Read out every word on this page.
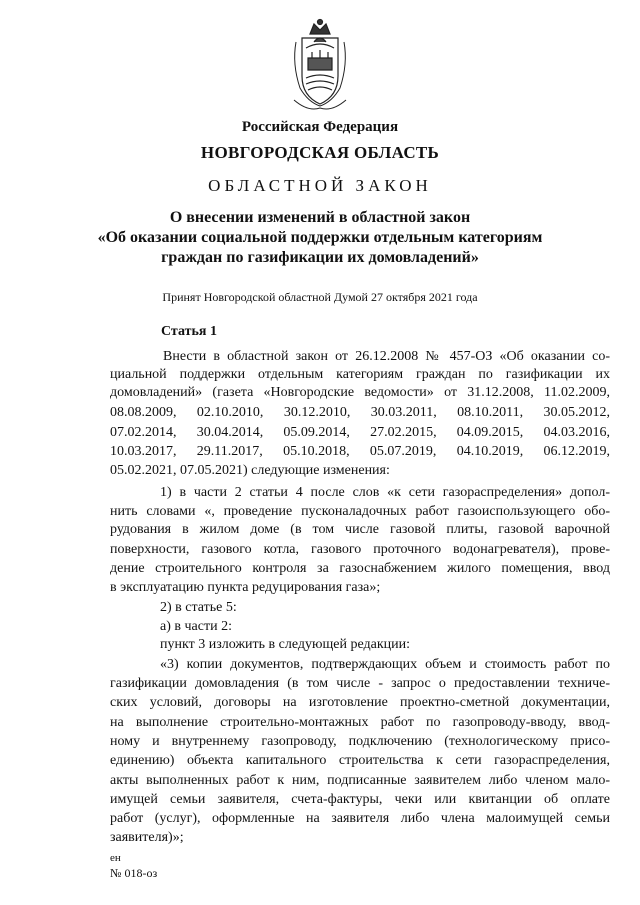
Российская Федерация
НОВГОРОДСКАЯ ОБЛАСТЬ
ОБЛАСТНОЙ ЗАКОН
О внесении изменений в областной закон
«Об оказании социальной поддержки отдельным категориям
граждан по газификации их домовладений»
Принят Новгородской областной Думой 27 октября 2021 года
Статья 1
Внести в областной закон от 26.12.2008 № 457-ОЗ «Об оказании со-
циальной поддержки отдельным категориям граждан по газификации их
домовладений» (газета «Новгородские ведомости» от 31.12.2008, 11.02.2009,
08.08.2009, 02.10.2010, 30.12.2010, 30.03.2011, 08.10.2011, 30.05.2012,
07.02.2014, 30.04.2014, 05.09.2014, 27.02.2015, 04.09.2015, 04.03.2016,
10.03.2017, 29.11.2017, 05.10.2018, 05.07.2019, 04.10.2019, 06.12.2019,
05.02.2021, 07.05.2021) следующие изменения:
1) в части 2 статьи 4 после слов «к сети газораспределения» допол-
нить словами «, проведение пусконаладочных работ газоиспользующего обо-
рудования в жилом доме (в том числе газовой плиты, газовой варочной
поверхности, газового котла, газового проточного водонагревателя), прове-
дение строительного контроля за газоснабжением жилого помещения, ввод
в эксплуатацию пункта редуцирования газа»;
2) в статье 5:
а) в части 2:
пункт 3 изложить в следующей редакции:
«3) копии документов, подтверждающих объем и стоимость работ по
газификации домовладения (в том числе - запрос о предоставлении техниче-
ских условий, договоры на изготовление проектно-сметной документации,
на выполнение строительно-монтажных работ по газопроводу-вводу, ввод-
ному и внутреннему газопроводу, подключению (технологическому присо-
единению) объекта капитального строительства к сети газораспределения,
акты выполненных работ к ним, подписанные заявителем либо членом мало-
имущей семьи заявителя, счета-фактуры, чеки или квитанции об оплате
работ (услуг), оформленные на заявителя либо члена малоимущей семьи
заявителя)»;
ен
№ 018-оз
